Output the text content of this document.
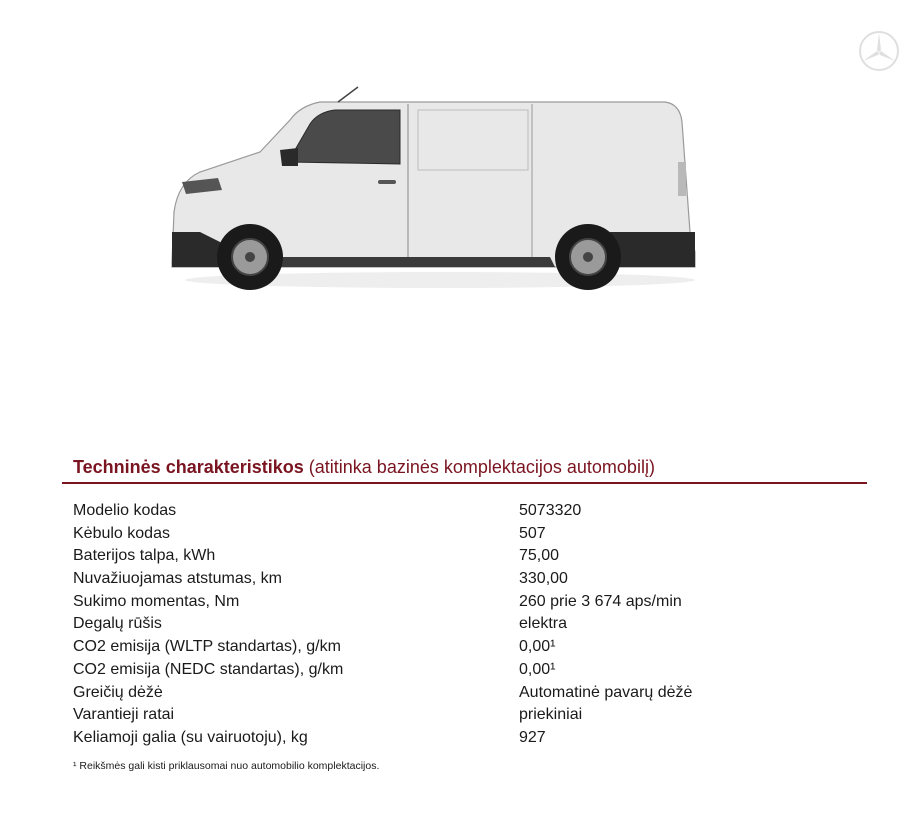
Techninės charakteristikos (atitinka bazinės komplektacijos automobilį)
Modelio kodas	5073320
Kėbulo kodas	507
Baterijos talpa, kWh	75,00
Nuvažiuojamas atstumas, km	330,00
Sukimo momentas, Nm	260 prie 3 674 aps/min
Degalų rūšis	elektra
CO2 emisija (WLTP standartas), g/km	0,00¹
CO2 emisija (NEDC standartas), g/km	0,00¹
Greičių dėžė	Automatinė pavarų dėžė
Varantieji ratai	priekiniai
Keliamoji galia (su vairuotoju), kg	927
¹ Reikšmės gali kisti priklausomai nuo automobilio komplektacijos.
